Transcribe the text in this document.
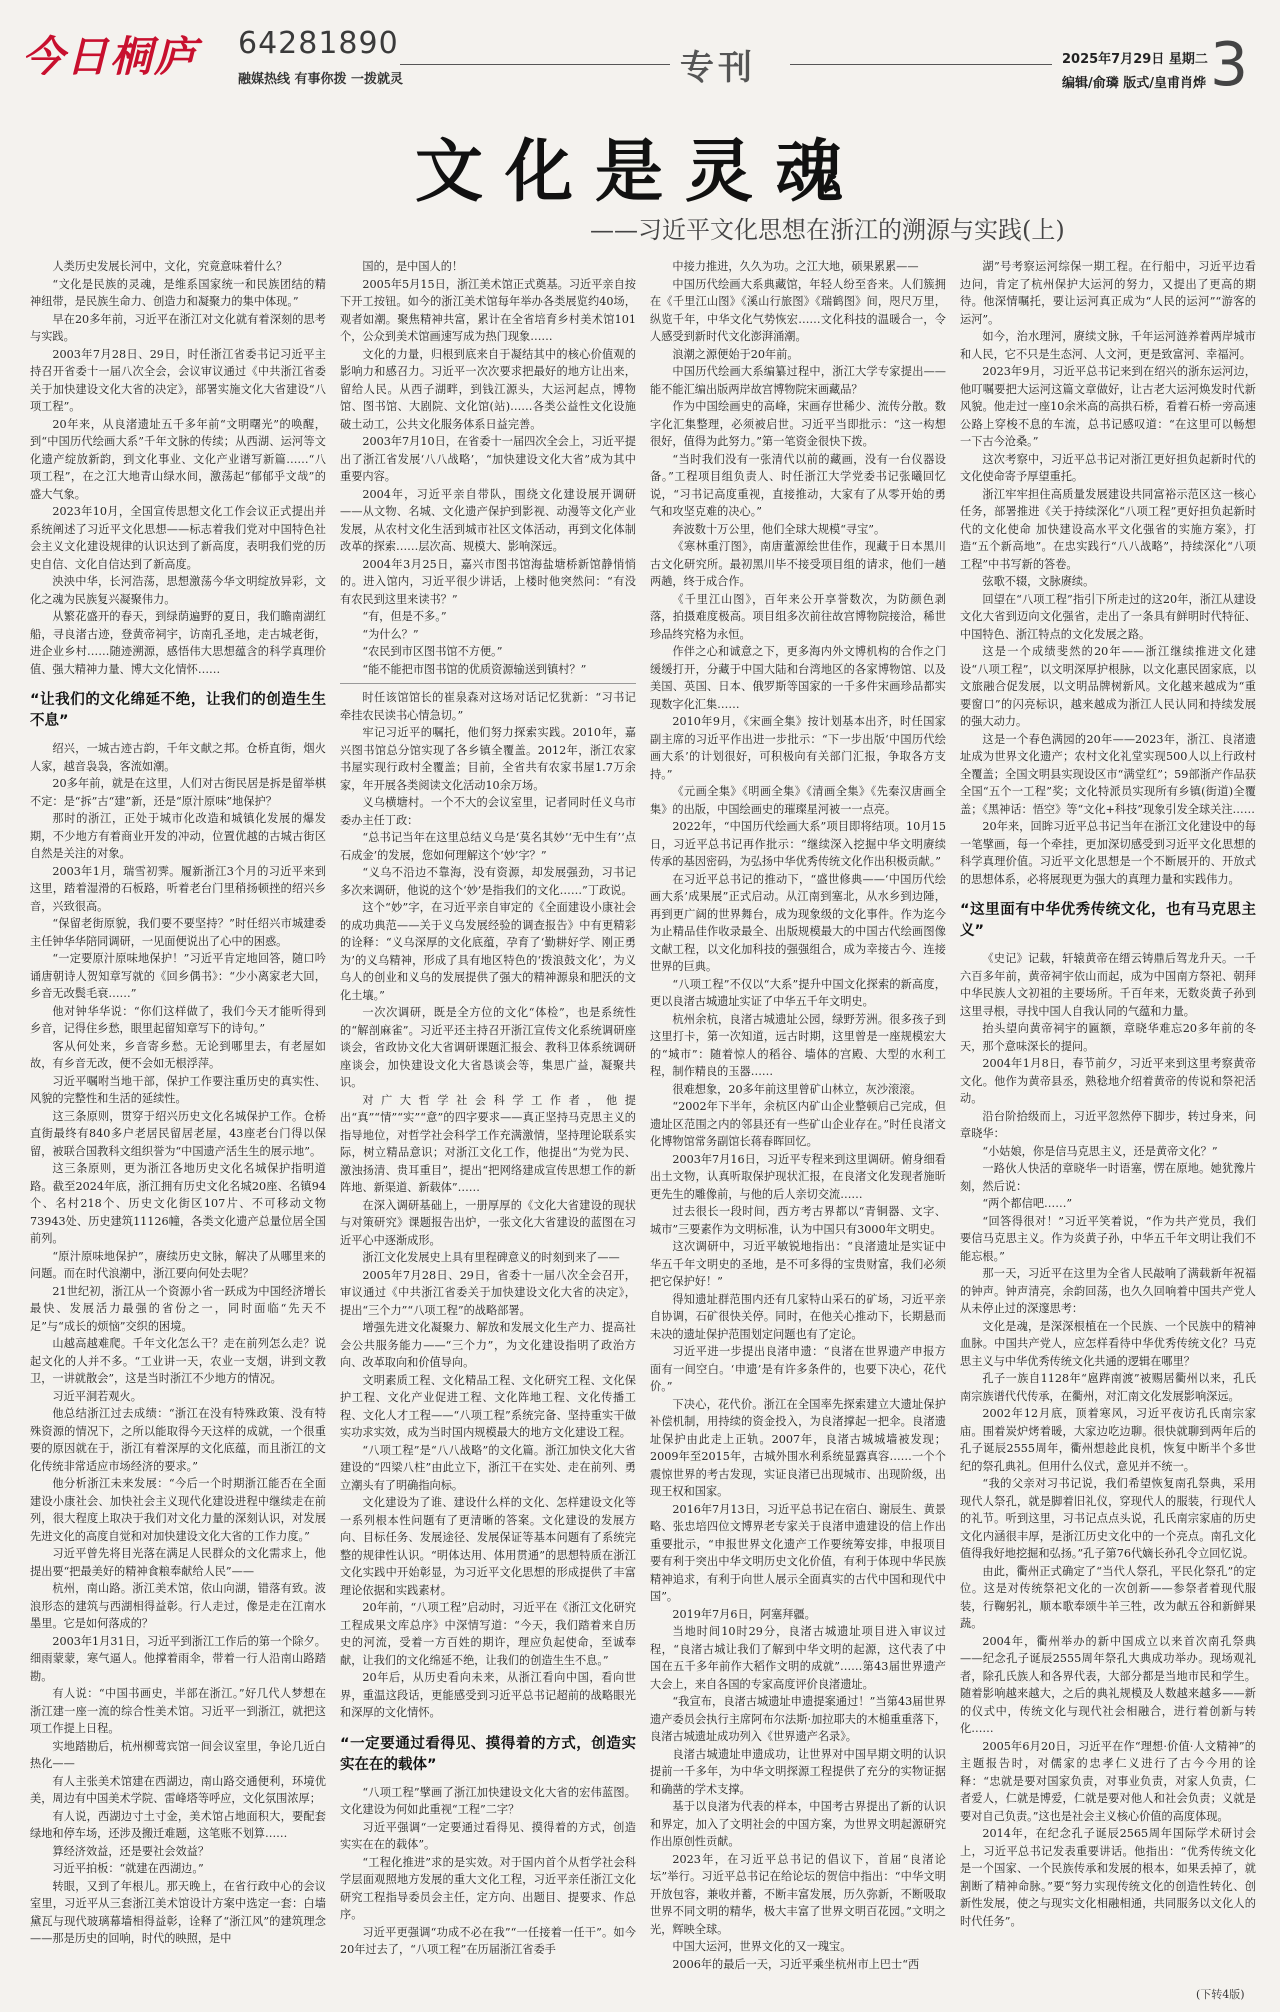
今日桐庐 64281890
融媒热线 有事你拨 一拨就灵	专刊	2025年7月29日 星期二
编辑/俞璘 版式/皇甫肖烨 3
文化是灵魂
——习近平文化思想在浙江的溯源与实践(上)

人类历史发展长河中，文化，究竟意味着什么？

“文化是民族的灵魂，是维系国家统一和民族团结的精神纽带，是民族生命力、创造力和凝聚力的集中体现。”

早在20多年前，习近平在浙江对文化就有着深刻的思考与实践。

2003年7月28日、29日，时任浙江省委书记习近平主持召开省委十一届八次全会，会议审议通过《中共浙江省委关于加快建设文化大省的决定》，部署实施文化大省建设“八项工程”。

20年来，从良渚遗址五千多年前“文明曙光”的唤醒，到“中国历代绘画大系”千年文脉的传续；从西湖、运河等文化遗产绽放新韵，到文化事业、文化产业谱写新篇……“八项工程”，在之江大地青山绿水间，激荡起“郁郁乎文哉”的盛大气象。

2023年10月，全国宣传思想文化工作会议正式提出并系统阐述了习近平文化思想——标志着我们党对中国特色社会主义文化建设规律的认识达到了新高度，表明我们党的历史自信、文化自信达到了新高度。

泱泱中华，长河浩荡，思想激荡今华文明绽放异彩，文化之魂为民族复兴凝聚伟力。

从繁花盛开的春天，到绿荫遍野的夏日，我们瞻南湖红船，寻良渚古迹，登黄帝祠宇，访南孔圣地，走古城老街，进企业乡村……随迹溯源，感悟伟大思想蕴含的科学真理价值、强大精神力量、博大文化情怀……

“让我们的文化绵延不绝，让我们的创造生生不息”

绍兴，一城古迹古韵，千年文献之邦。仓桥直街，烟火人家，越音袅袅，客流如潮。

20多年前，就是在这里，人们对古街民居是拆是留举棋不定：是“拆”古“建”新，还是“原汁原味”地保护？

那时的浙江，正处于城市化改造和城镇化发展的爆发期，不少地方有着商业开发的冲动，位置优越的古城古街区自然是关注的对象。

2003年1月，瑞雪初霁。履新浙江3个月的习近平来到这里，踏着湿滑的石板路，听着老台门里稍扬顿挫的绍兴乡音，兴致很高。

“保留老街原貌，我们要不要坚持？”时任绍兴市城建委主任钟华华陪同调研，一见面便说出了心中的困惑。

“一定要原汁原味地保护！”习近平肯定地回答，随口吟诵唐朝诗人贺知章写就的《回乡偶书》：“少小离家老大回，乡音无改鬓毛衰……”

他对钟华华说：“你们这样做了，我们今天才能听得到乡音，记得住乡愁，眼里起留知章写下的诗句。”

客从何处来，乡音寄乡愁。无论到哪里去，有老屋如故，有乡音无改，便不会如无根浮萍。

习近平嘱咐当地干部，保护工作要注重历史的真实性、风貌的完整性和生活的延续性。

这三条原则，贯穿于绍兴历史文化名城保护工作。仓桥直街最终有840多户老居民留居老屋，43座老台门得以保留，被联合国教科文组织誉为“中国遗产活生生的展示地”。

这三条原则，更为浙江各地历史文化名城保护指明道路。截至2024年底，浙江拥有历史文化名城20座、名镇94个、名村218个、历史文化街区107片、不可移动文物73943处、历史建筑11126幢，各类文化遗产总量位居全国前列。

“原汁原味地保护”，赓续历史文脉，解决了从哪里来的问题。而在时代浪潮中，浙江要向何处去呢？

21世纪初，浙江从一个资源小省一跃成为中国经济增长最快、发展活力最强的省份之一，同时面临“先天不足”与“成长的烦恼”交织的困境。

山越高越难爬。千年文化怎么干？走在前列怎么走？说起文化的人并不多。“工业讲一天，农业一支烟，讲到文教卫，一讲就散会”，这是当时浙江不少地方的情况。

习近平洞若观火。

他总结浙江过去成绩：“浙江在没有特殊政策、没有特殊资源的情况下，之所以能取得今天这样的成就，一个很重要的原因就在于，浙江有着深厚的文化底蕴，而且浙江的文化传统非常适应市场经济的要求。”

他分析浙江未来发展：“今后一个时期浙江能否在全面建设小康社会、加快社会主义现代化建设进程中继续走在前列，很大程度上取决于我们对文化力量的深刻认识，对发展先进文化的高度自觉和对加快建设文化大省的工作力度。”

习近平曾先将目光落在满足人民群众的文化需求上，他提出要“把最美好的精神食粮奉献给人民”——

杭州，南山路。浙江美术馆，依山向湖，错落有致。波浪形态的建筑与西湖相得益彰。行人走过，像是走在江南水墨里。它是如何落成的？

2003年1月31日，习近平到浙江工作后的第一个除夕。细雨蒙蒙，寒气逼人。他撑着雨伞，带着一行人沿南山路踏勘。

有人说：“中国书画史，半部在浙江。”好几代人梦想在浙江建一座一流的综合性美术馆。习近平一到浙江，就把这项工作提上日程。

实地踏勘后，杭州柳莺宾馆一间会议室里，争论几近白热化——

有人主张美术馆建在西湖边，南山路交通便利，环境优美，周边有中国美术学院、雷峰塔等呼应，文化氛围浓厚；

有人说，西湖边寸土寸金，美术馆占地面积大，要配套绿地和停车场，还涉及搬迁难题，这笔账不划算……

算经济效益，还是要社会效益？

习近平拍板：“就建在西湖边。”

转眼，又到了年根儿。那天晚上，在省行政中心的会议室里，习近平从三套浙江美术馆设计方案中选定一套：白墙黛瓦与现代玻璃幕墙相得益彰，诠释了“浙江风”的建筑理念——那是历史的回响，时代的映照，是中

国的，是中国人的！

2005年5月15日，浙江美术馆正式奠基。习近平亲自按下开工按钮。如今的浙江美术馆每年举办各类展览约40场，观者如潮。聚焦精神共富，累计在全省培育乡村美术馆101个，公众到美术馆画速写成为热门现象……

文化的力量，归根到底来自于凝结其中的核心价值观的影响力和感召力。习近平一次次要求把最好的地方让出来，留给人民。从西子湖畔，到钱江源头，大运河起点，博物馆、图书馆、大剧院、文化馆(站)……各类公益性文化设施破土动工，公共文化服务体系日益完善。

2003年7月10日，在省委十一届四次全会上，习近平提出了浙江省发展‘八八战略’，“加快建设文化大省”成为其中重要内容。

2004年，习近平亲自带队，围绕文化建设展开调研——从文物、名城、文化遗产保护到影视、动漫等文化产业发展，从农村文化生活到城市社区文体活动，再到文化体制改革的探索……层次高、规模大、影响深远。

2004年3月25日，嘉兴市图书馆海盐塘桥新馆静悄悄的。进入馆内，习近平很少讲话，上楼时他突然问：“有没有农民到这里来读书？”

“有，但是不多。”

“为什么？”

“农民到市区图书馆不方便。”

“能不能把市图书馆的优质资源输送到镇村？”

时任该馆馆长的崔泉森对这场对话记忆犹新：“习书记牵挂农民读书心情急切。”

牢记习近平的嘱托，他们努力探索实践。2010年，嘉兴图书馆总分馆实现了各乡镇全覆盖。2012年，浙江农家书屋实现行政村全覆盖；目前，全省共有农家书屋1.7万余家，年开展各类阅读文化活动10余万场。

义乌横塘村。一个不大的会议室里，记者同时任义乌市委办主任丁政：

“总书记当年在这里总结义乌是‘莫名其妙’‘无中生有’‘点石成金’的发展，您如何理解这个‘妙’字？”

“义乌不沿边不靠海，没有资源，却发展强劲，习书记多次来调研，他说的这个‘妙’是指我们的文化……”丁政说。

这个“妙”字，在习近平亲自审定的《全面建设小康社会的成功典范——关于义乌发展经验的调查报告》中有更精彩的诠释：“义乌深厚的文化底蕴，孕育了‘勤耕好学、刚正勇为’的义乌精神，形成了具有地区特色的‘拨浪鼓文化’，为义乌人的创业和义乌的发展提供了强大的精神源泉和肥沃的文化土壤。”

一次次调研，既是全方位的文化“体检”，也是系统性的“解剖麻雀”。习近平还主持召开浙江宣传文化系统调研座谈会，省政协文化大省调研课题汇报会、教科卫体系统调研座谈会，加快建设文化大省恳谈会等，集思广益，凝聚共识。

对广大哲学社会科学工作者，他提出“真”“情”“实”“意”的四字要求——真正坚持马克思主义的指导地位，对哲学社会科学工作充满激情，坚持理论联系实际，树立精品意识；对浙江文化工作，他提出“为党为民、激浊扬清、贵耳重目”，提出“把网络建成宣传思想工作的新阵地、新渠道、新载体”……

在深入调研基础上，一册厚厚的《文化大省建设的现状与对策研究》课题报告出炉，一张文化大省建设的蓝图在习近平心中逐渐成形。

浙江文化发展史上具有里程碑意义的时刻到来了——

2005年7月28日、29日，省委十一届八次全会召开，审议通过《中共浙江省委关于加快建设文化大省的决定》，提出“三个力”“八项工程”的战略部署。

增强先进文化凝聚力、解放和发展文化生产力、提高社会公共服务能力——“三个力”，为文化建设指明了政治方向、改革取向和价值导向。

文明素质工程、文化精品工程、文化研究工程、文化保护工程、文化产业促进工程、文化阵地工程、文化传播工程、文化人才工程——“八项工程”系统完备、坚持重实干做实功求实效，成为当时国内规模最大的地方文化建设工程。

“八项工程”是“八八战略”的文化篇。浙江加快文化大省建设的“四梁八柱”由此立下，浙江干在实处、走在前列、勇立潮头有了明确指向标。

文化建设为了谁、建设什么样的文化、怎样建设文化等一系列根本性问题有了更清晰的答案。文化建设的发展方向、目标任务、发展途径、发展保证等基本问题有了系统完整的规律性认识。“明体达用、体用贯通”的思想特质在浙江文化实践中开始彰显，为习近平文化思想的形成提供了丰富理论依据和实践素材。

20年前，“八项工程”启动时，习近平在《浙江文化研究工程成果文库总序》中深情写道：“今天，我们踏着来自历史的河流，受着一方百姓的期许，理应负起使命，至诚奉献，让我们的文化绵延不绝，让我们的创造生生不息。”

20年后，从历史看向未来，从浙江看向中国，看向世界，重温这段话，更能感受到习近平总书记超前的战略眼光和深厚的文化情怀。

“一定要通过看得见、摸得着的方式，创造实实在在的载体”

“八项工程”擘画了浙江加快建设文化大省的宏伟蓝图。文化建设为何如此重视“工程”二字？

习近平强调“一定要通过看得见、摸得着的方式，创造实实在在的载体”。

“工程化推进”求的是实效。对于国内首个从哲学社会科学层面观照地方发展的重大文化工程，习近平亲任浙江文化研究工程指导委员会主任，定方向、出题目、提要求、作总序。

习近平更强调“功成不必在我”“一任接着一任干”。如今20年过去了，“八项工程”在历届浙江省委手

中接力推进，久久为功。之江大地，硕果累累——

中国历代绘画大系典藏馆，年轻人纷至沓来。人们簇拥在《千里江山图》《溪山行旅图》《瑞鹤图》间，咫尺万里，纵览千年，中华文化气势恢宏……文化科技的温暖合一，令人感受到新时代文化澎湃涌潮。

浪潮之源便始于20年前。

中国历代绘画大系编纂过程中，浙江大学专家提出——能不能汇编出版两岸故宫博物院宋画藏品？

作为中国绘画史的高峰，宋画存世稀少、流传分散。数字化汇集整理，必须被启世。习近平当即批示：“这一构想很好，值得为此努力。”第一笔资金很快下拨。

“当时我们没有一张清代以前的藏画，没有一台仪器设备。”工程项目组负责人、时任浙江大学党委书记张曦回忆说，“习书记高度重视，直接推动，大家有了从零开始的勇气和攻坚克难的决心。”

奔波数十万公里，他们全球大规模“寻宝”。

《寒林重汀图》，南唐董源绘世佳作，现藏于日本黑川古文化研究所。最初黑川毕不接受项目组的请求，他们一趟两趟，终于成合作。

《千里江山图》，百年来公开享誉数次，为防颜色剥落，拍摄难度极高。项目组多次前往故宫博物院接洽，稀世珍品终究格为永恒。

作伴之心和诚意之下，更多海内外文博机构的合作之门缓缓打开，分藏于中国大陆和台湾地区的各家博物馆、以及美国、英国、日本、俄罗斯等国家的一千多件宋画珍品都实现数字化汇集……

2010年9月，《宋画全集》按计划基本出齐，时任国家副主席的习近平作出进一步批示：“下一步出版‘中国历代绘画大系’的计划很好，可积极向有关部门汇报，争取各方支持。”

《元画全集》《明画全集》《清画全集》《先秦汉唐画全集》的出版，中国绘画史的璀璨星河被一一点亮。

2022年，“中国历代绘画大系”项目即将结项。10月15日，习近平总书记再作批示：“继续深入挖掘中华文明赓续传承的基因密码，为弘扬中华优秀传统文化作出积极贡献。”

在习近平总书记的推动下，“盛世修典——‘中国历代绘画大系’成果展”正式启动。从江南到塞北，从水乡到边陲，再到更广阔的世界舞台，成为现象级的文化事件。作为迄今为止精品佳作收录最全、出版规模最大的中国古代绘画图像文献工程，以文化加科技的强强组合，成为幸接古今、连接世界的巨典。

“八项工程”不仅以“大系”提升中国文化探索的新高度，更以良渚古城遗址实证了中华五千年文明史。

杭州余杭，良渚古城遗址公园，绿野芳洲。很多孩子到这里打卡，第一次知道，远古时期，这里曾是一座规模宏大的“城市”：随着惊人的稻谷、墙体的宫殿、大型的水利工程，制作精良的玉器……

很难想象，20多年前这里曾矿山林立，灰沙滚滚。

“2002年下半年，余杭区内矿山企业整顿启己完成，但遗址区范围之内的邻县还有一些矿山企业存在。”时任良渚文化博物馆常务副馆长蒋春晖回忆。

2003年7月16日，习近平专程来到这里调研。俯身细看出土文物，认真听取保护现状汇报，在良渚文化发现者施昕更先生的雕像前，与他的后人亲切交流……

过去很长一段时间，西方考古界都以“青铜器、文字、城市”三要素作为文明标准，认为中国只有3000年文明史。

这次调研中，习近平敏锐地指出：“良渚遗址是实证中华五千年文明史的圣地，是不可多得的宝贵财富，我们必须把它保护好！”

得知遗址群范围内还有几家特山采石的矿场，习近平亲自协调，石矿很快关停。同时，在他关心推动下，长期悬而未决的遗址保护范围划定问题也有了定论。

习近平进一步提出良渚申遗：“良渚在世界遗产申报方面有一间空白。‘申遗’是有许多条件的，也要下决心，花代价。”

下决心，花代价。浙江在全国率先探索建立大遗址保护补偿机制，用持续的资金投入，为良渚撑起一把伞。良渚遗址保护由此走上正轨。2007年，良渚古城城墙被发现；2009年至2015年，古城外围水利系统显露真容……一个个震惊世界的考古发现，实证良渚已出现城市、出现阶级，出现王权和国家。

2016年7月13日，习近平总书记在宿白、谢辰生、黄景略、张忠培四位文博界老专家关于良渚申遗建设的信上作出重要批示，“申报世界文化遗产工作要统筹安排，申报项目要有利于突出中华文明历史文化价值，有利于体现中华民族精神追求，有利于向世人展示全面真实的古代中国和现代中国”。

2019年7月6日，阿塞拜疆。

当地时间10时29分，良渚古城遗址项目进入审议过程，“良渚古城让我们了解到中华文明的起源，这代表了中国在五千多年前作大稻作文明的成就”……第43届世界遗产大会上，来自各国的专家高度评价良渚遗址。

“我宣布，良渚古城遗址申遗提案通过！”当第43届世界遗产委员会执行主席阿布尔法斯·加拉耶夫的木槌重重落下，良渚古城遗址成功列入《世界遗产名录》。

良渚古城遗址申遗成功，让世界对中国早期文明的认识提前一千多年，为中华文明探源工程提供了充分的实物证据和确凿的学术支撑。

基于以良渚为代表的样本，中国考古界提出了新的认识和界定，加入了文明社会的中国方案，为世界文明起源研究作出原创性贡献。

2023年，在习近平总书记的倡议下，首届“良渚论坛”举行。习近平总书记在给论坛的贺信中指出：“中华文明开放包容，兼收并蓄，不断丰富发展，历久弥新，不断吸取世界不同文明的精华，极大丰富了世界文明百花园。”文明之光，辉映全球。

中国大运河，世界文化的又一瑰宝。

2006年的最后一天，习近平乘坐杭州市上巴士“西

湖”号考察运河综保一期工程。在行船中，习近平边看边问，肯定了杭州保护大运河的努力，又提出了更高的期待。他深情嘱托，要让运河真正成为“人民的运河”“游客的运河”。

如今，治水理河，赓续文脉，千年运河涟养着两岸城市和人民，它不只是生态河、人文河，更是致富河、幸福河。

2023年9月，习近平总书记来到在绍兴的浙东运河边，他叮嘱要把大运河这篇文章做好，让古老大运河焕发时代新风貌。他走过一座10余米高的高拱石桥，看着石桥一旁高速公路上穿梭不息的车流，总书记感叹道：“在这里可以畅想一下古今沧桑。”

这次考察中，习近平总书记对浙江更好担负起新时代的文化使命寄予厚望重托。

浙江牢牢担住高质量发展建设共同富裕示范区这一核心任务，部署推进《关于持续深化“八项工程”更好担负起新时代的文化使命 加快建设高水平文化强省的实施方案》，打造“五个新高地”。在忠实践行“八八战略”，持续深化“八项工程”中书写新的答卷。

弦歌不辍，文脉赓续。

回望在“八项工程”指引下所走过的这20年，浙江从建设文化大省到迈向文化强省，走出了一条具有鲜明时代特征、中国特色、浙江特点的文化发展之路。

这是一个成绩斐然的20年——浙江继续推进文化建设“八项工程”，以文明深厚护根脉，以文化惠民固家底，以文旅融合促发展，以文明品牌树新风。文化越来越成为“重要窗口”的闪亮标识，越来越成为浙江人民认同和持续发展的强大动力。

这是一个春色满园的20年——2023年，浙江、良渚遗址成为世界文化遗产；农村文化礼堂实现500人以上行政村全覆盖；全国文明县实现设区市“满堂红”；59部浙产作品获全国“五个一工程”奖；文化特派员实现所有乡镇(街道)全覆盖；《黑神话：悟空》等“文化+科技”现象引发全球关注……

20年来，回眸习近平总书记当年在浙江文化建设中的每一笔擘画，每一个牵挂，更加深切感受到习近平文化思想的科学真理价值。习近平文化思想是一个不断展开的、开放式的思想体系，必将展现更为强大的真理力量和实践伟力。

“这里面有中华优秀传统文化，也有马克思主义”

《史记》记载，轩辕黄帝在缙云铸鼎后驾龙升天。一千六百多年前，黄帝祠宇依山而起，成为中国南方祭祀、朝拜中华民族人文初祖的主要场所。千百年来，无数炎黄子孙到这里寻根，寻找中国人自我认同的气蕴和力量。

抬头望向黄帝祠宇的匾额，章晓华难忘20多年前的冬天，那个意味深长的提问。

2004年1月8日，春节前夕，习近平来到这里考察黄帝文化。他作为黄帝县丞，熟稔地介绍着黄帝的传说和祭祀活动。

沿台阶拾级而上，习近平忽然停下脚步，转过身来，问章晓华：

“小姑娘，你是信马克思主义，还是黄帝文化？”

一路伙人快活的章晓华一时语塞，愣在原地。她犹豫片刻，然后说：

“两个都信吧……”

“回答得很对！”习近平笑着说，“作为共产党员，我们要信马克思主义。作为炎黄子孙，中华五千年文明让我们不能忘根。”

那一天，习近平在这里为全省人民敲响了满载新年祝福的钟声。钟声清亮，余韵回荡，也久久回响着中国共产党人从未停止过的深邃思考：

文化是魂，是深深根植在一个民族、一个民族中的精神血脉。中国共产党人，应怎样看待中华优秀传统文化？马克思主义与中华优秀传统文化共通的逻辑在哪里？

孔子一族自1128年“扈跸南渡”被赐居衢州以来，孔氏南宗族谱代代传承，在衢州，对汇南文化发展影响深远。

2002年12月底，顶着寒风，习近平夜访孔氏南宗家庙。围着炭炉烤着暖，大家边吃边聊。很快就聊到两年后的孔子诞辰2555周年，衢州想趁此良机，恢复中断半个多世纪的祭孔典礼。但用什么仪式，意见并不统一。

“我的父亲对习书记说，我们希望恢复南孔祭典，采用现代人祭孔，就是脚着旧礼仪，穿现代人的服装，行现代人的礼节。听到这里，习书记点点头说，孔氏南宗家庙的历史文化内涵很丰厚，是浙江历史文化中的一个亮点。南孔文化值得我好地挖掘和弘扬。”孔子第76代嫡长孙孔令立回忆说。

由此，衢州正式确定了“当代人祭孔，平民化祭孔”的定位。这是对传统祭祀文化的一次创新——参祭者着现代服装，行鞠躬礼，顺本歌奉颂牛羊三牲，改为献五谷和新鲜果蔬。

2004年，衢州举办的新中国成立以来首次南孔祭典——纪念孔子诞辰2555周年祭孔大典成功举办。现场观礼者，除孔氏族人和各界代表，大部分都是当地市民和学生。随着影响越来越大，之后的典礼规模及人数越来越多——新的仪式中，传统文化与现代社会相融合，进行着创新与转化……

2005年6月20日，习近平在作“理想·价值·人文精神”的主题报告时，对儒家的忠孝仁义进行了古今今用的诠释：“忠就是要对国家负责，对事业负责，对家人负责，仁者爱人，仁就是博爱，仁就是要对他人和社会负责；义就是要对自己负责。”这也是社会主义核心价值的高度体现。

2014年，在纪念孔子诞辰2565周年国际学术研讨会上，习近平总书记发表重要讲话。他指出：“优秀传统文化是一个国家、一个民族传承和发展的根本，如果丢掉了，就割断了精神命脉。”要“努力实现传统文化的创造性转化、创新性发展，使之与现实文化相融相通，共同服务以文化人的时代任务”。

(下转4版)
